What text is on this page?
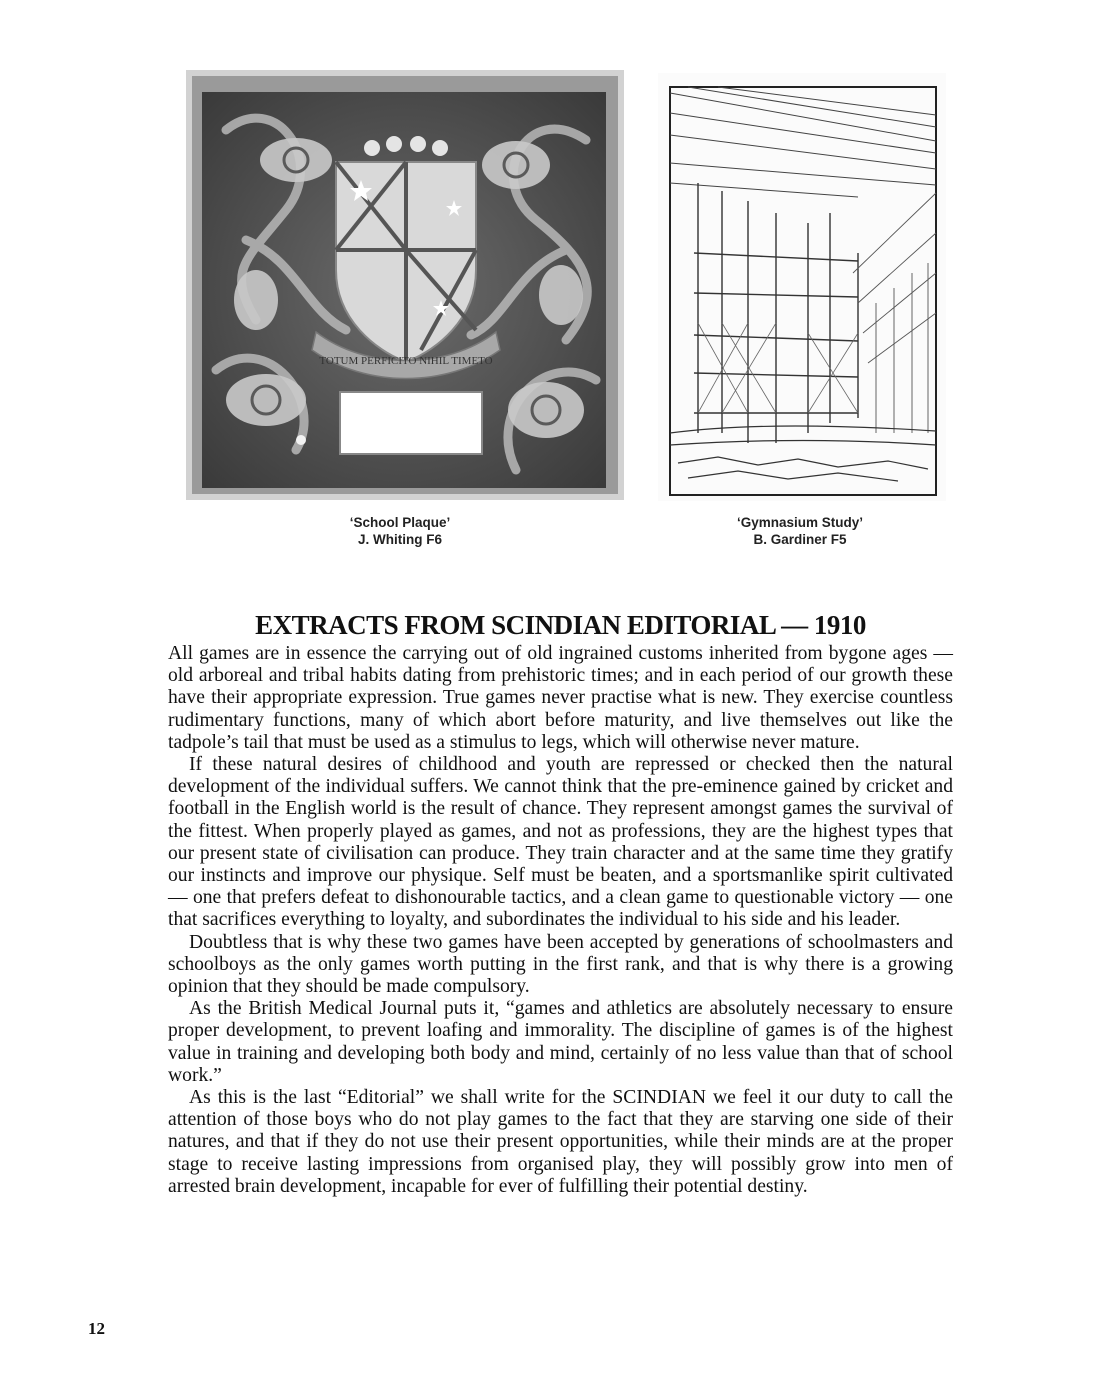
TOTUM PERFICITO NIHIL TIMETO
‘School Plaque’
J. Whiting F6
‘Gymnasium Study’
B. Gardiner F5
EXTRACTS FROM SCINDIAN EDITORIAL — 1910

All games are in essence the carrying out of old ingrained customs inherited from bygone ages — old arboreal and tribal habits dating from prehistoric times; and in each period of our growth these have their appropriate expression. True games never practise what is new. They exercise countless rudimentary functions, many of which abort before maturity, and live themselves out like the tadpole’s tail that must be used as a stimulus to legs, which will otherwise never mature.

If these natural desires of childhood and youth are repressed or checked then the natural development of the individual suffers. We cannot think that the pre-eminence gained by cricket and football in the English world is the result of chance. They represent amongst games the survival of the fittest. When properly played as games, and not as professions, they are the highest types that our present state of civilisation can produce. They train character and at the same time they gratify our instincts and improve our physique. Self must be beaten, and a sportsmanlike spirit cultivated — one that prefers defeat to dishonourable tactics, and a clean game to questionable victory — one that sacrifices everything to loyalty, and subordinates the individual to his side and his leader.

Doubtless that is why these two games have been accepted by generations of schoolmasters and schoolboys as the only games worth putting in the first rank, and that is why there is a growing opinion that they should be made compulsory.

As the British Medical Journal puts it, “games and athletics are absolutely necessary to ensure proper development, to prevent loafing and immorality. The discipline of games is of the highest value in training and developing both body and mind, certainly of no less value than that of school work.”

As this is the last “Editorial” we shall write for the SCINDIAN we feel it our duty to call the attention of those boys who do not play games to the fact that they are starving one side of their natures, and that if they do not use their present opportunities, while their minds are at the proper stage to receive lasting impressions from organised play, they will possibly grow into men of arrested brain development, incapable for ever of fulfilling their potential destiny.

12
